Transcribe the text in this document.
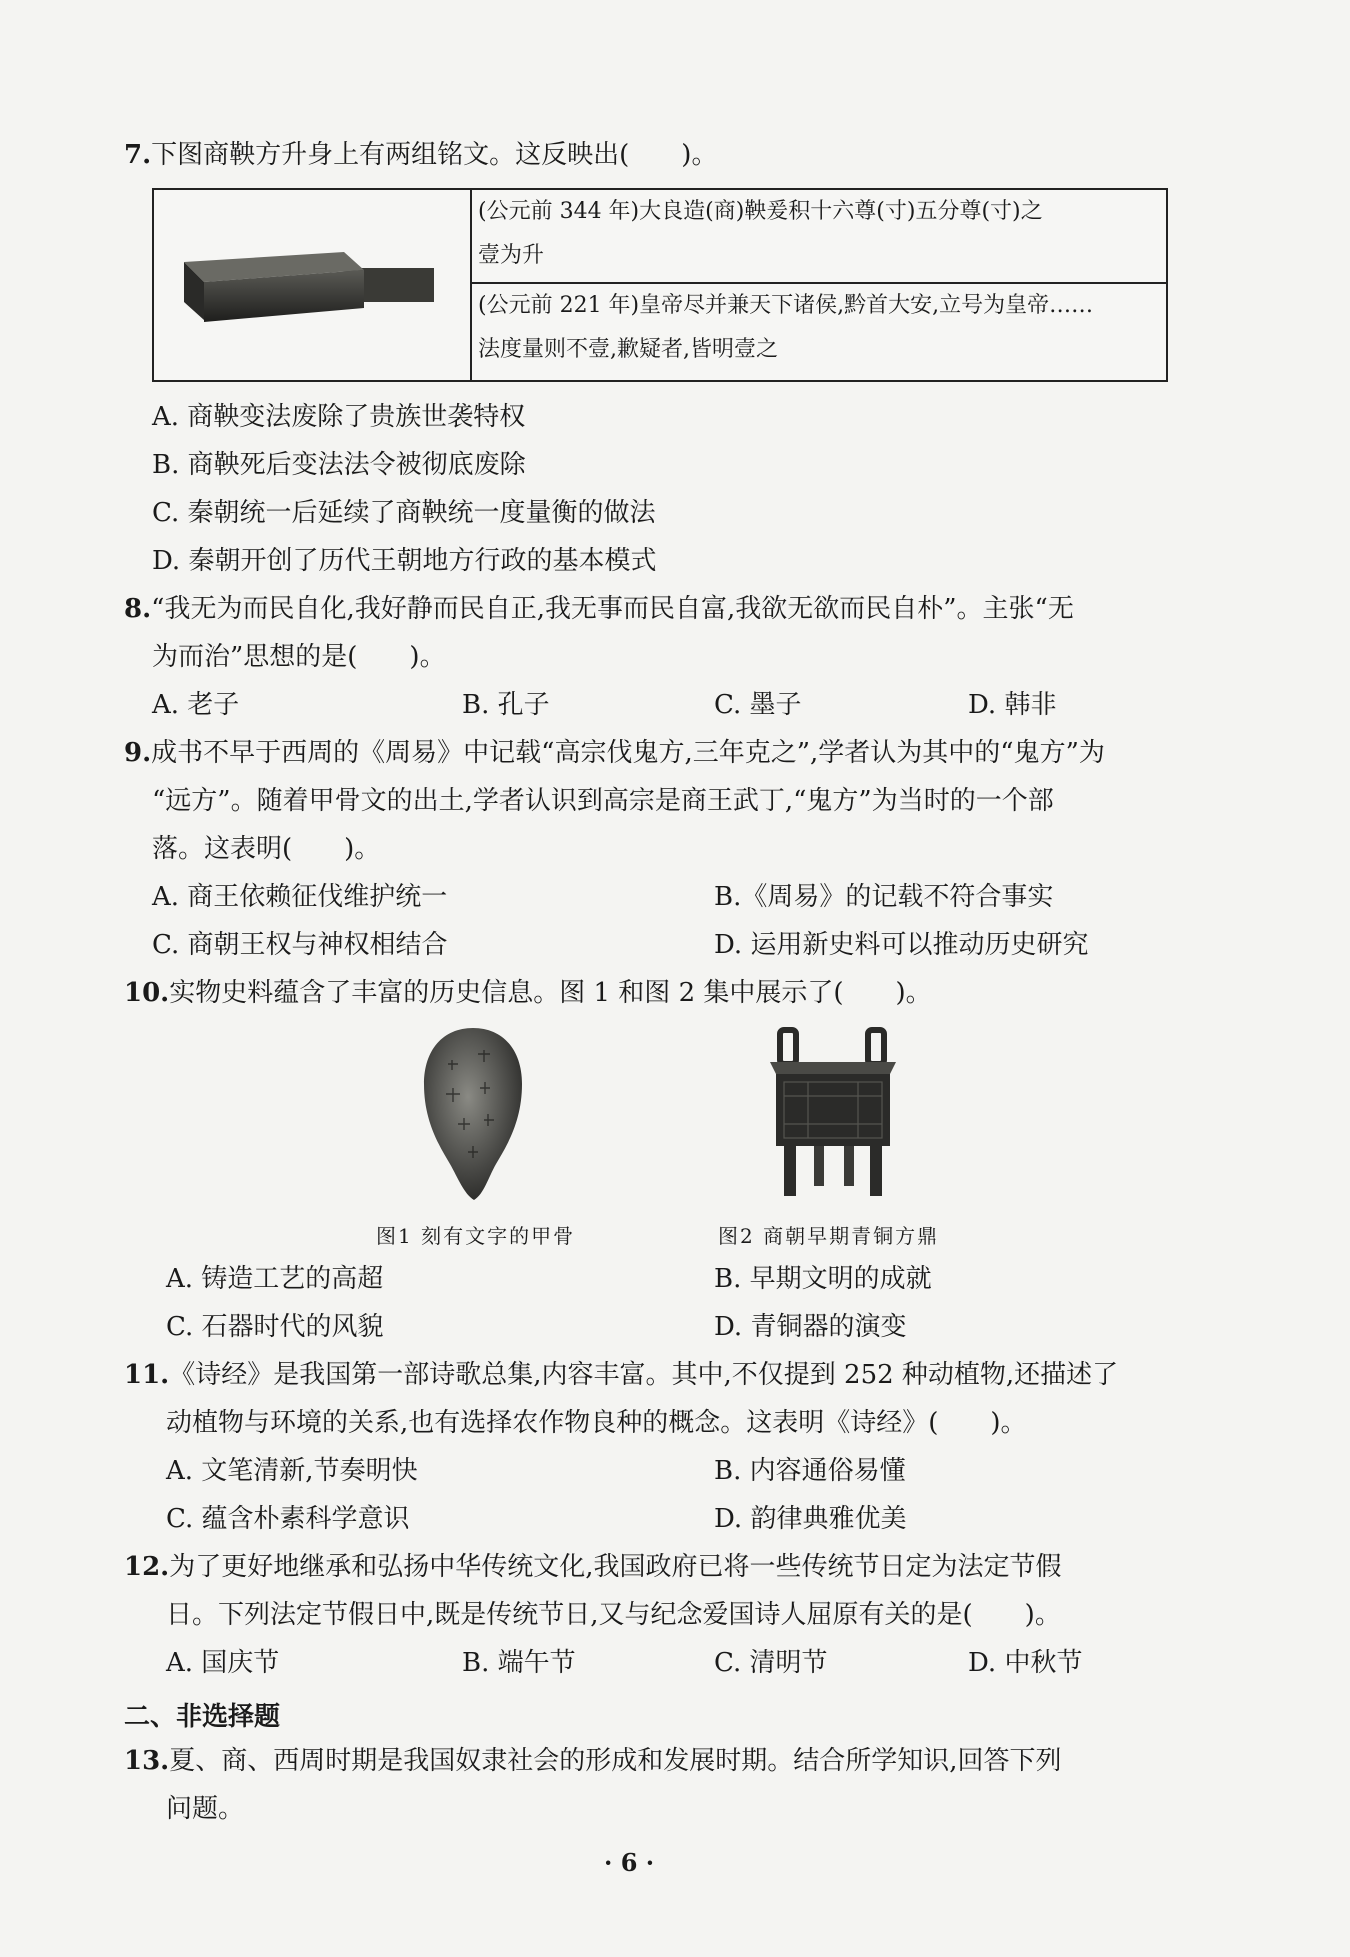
7.下图商鞅方升身上有两组铭文。这反映出(　　)。
(公元前 344 年)大良造(商)鞅爰积十六尊(寸)五分尊(寸)之
壹为升
(公元前 221 年)皇帝尽并兼天下诸侯,黔首大安,立号为皇帝……
法度量则不壹,歉疑者,皆明壹之
A. 商鞅变法废除了贵族世袭特权
B. 商鞅死后变法法令被彻底废除
C. 秦朝统一后延续了商鞅统一度量衡的做法
D. 秦朝开创了历代王朝地方行政的基本模式
8.“我无为而民自化,我好静而民自正,我无事而民自富,我欲无欲而民自朴”。主张“无
为而治”思想的是(　　)。
A. 老子	B. 孔子	C. 墨子	D. 韩非
9.成书不早于西周的《周易》中记载“高宗伐鬼方,三年克之”,学者认为其中的“鬼方”为
“远方”。随着甲骨文的出土,学者认识到高宗是商王武丁,“鬼方”为当时的一个部
落。这表明(　　)。
A. 商王依赖征伐维护统一	B.《周易》的记载不符合事实
C. 商朝王权与神权相结合	D. 运用新史料可以推动历史研究
10.实物史料蕴含了丰富的历史信息。图 1 和图 2 集中展示了(　　)。
图1 刻有文字的甲骨	图2 商朝早期青铜方鼎
A. 铸造工艺的高超	B. 早期文明的成就
C. 石器时代的风貌	D. 青铜器的演变
11.《诗经》是我国第一部诗歌总集,内容丰富。其中,不仅提到 252 种动植物,还描述了
动植物与环境的关系,也有选择农作物良种的概念。这表明《诗经》(　　)。
A. 文笔清新,节奏明快	B. 内容通俗易懂
C. 蕴含朴素科学意识	D. 韵律典雅优美
12.为了更好地继承和弘扬中华传统文化,我国政府已将一些传统节日定为法定节假
日。下列法定节假日中,既是传统节日,又与纪念爱国诗人屈原有关的是(　　)。
A. 国庆节	B. 端午节	C. 清明节	D. 中秋节
二、非选择题
13.夏、商、西周时期是我国奴隶社会的形成和发展时期。结合所学知识,回答下列
问题。
· 6 ·
